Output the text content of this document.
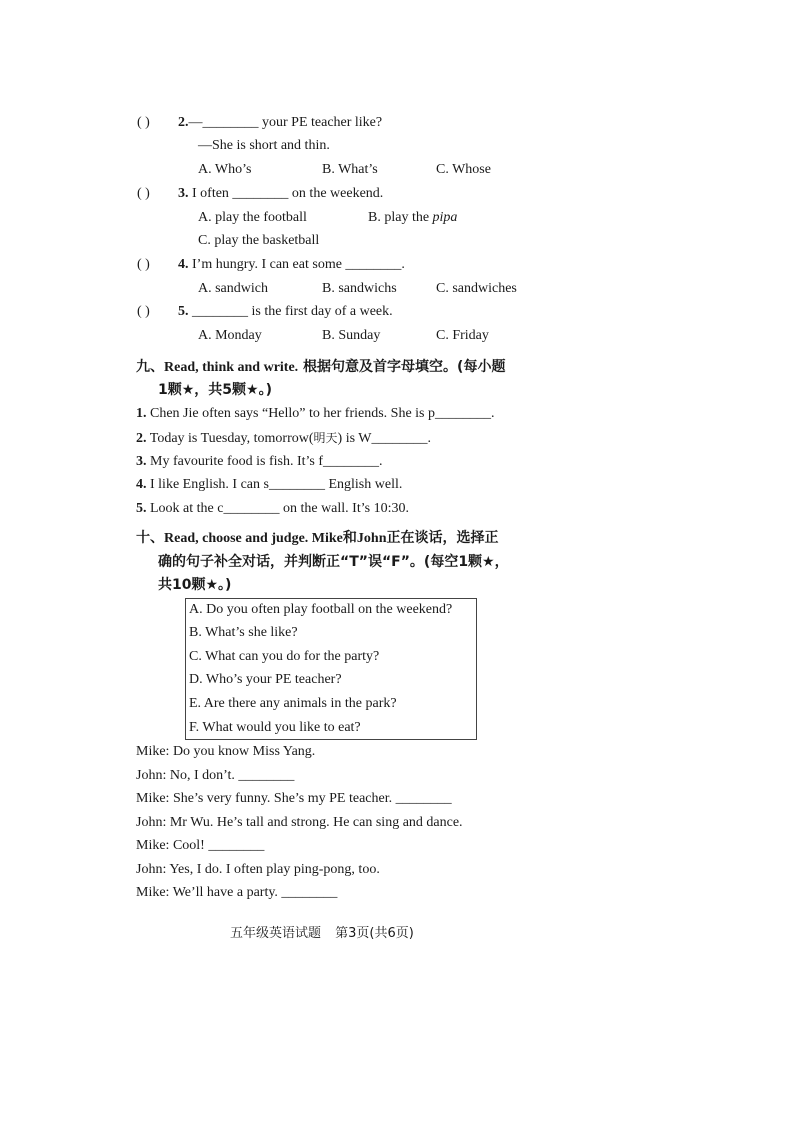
( ) 2.—________ your PE teacher like?
—She is short and thin.
A. Who’s	B. What’s	C. Whose
( ) 3. I often ________ on the weekend.
A. play the football	B. play the pipa
C. play the basketball
( ) 4. I’m hungry. I can eat some ________.
A. sandwich	B. sandwichs	C. sandwiches
( ) 5. ________ is the first day of a week.
A. Monday	B. Sunday	C. Friday
九、Read, think and write. 根据句意及首字母填空。(每小题
1颗★，共5颗★。)
1. Chen Jie often says “Hello” to her friends. She is p________.
2. Today is Tuesday, tomorrow(明天) is W________.
3. My favourite food is fish. It’s f________.
4. I like English. I can s________ English well.
5. Look at the c________ on the wall. It’s 10:30.
十、Read, choose and judge. Mike和John正在谈话，选择正
确的句子补全对话，并判断正“T”误“F”。(每空1颗★，
共10颗★。)
A. Do you often play football on the weekend?
B. What’s she like?
C. What can you do for the party?
D. Who’s your PE teacher?
E. Are there any animals in the park?
F. What would you like to eat?
Mike: Do you know Miss Yang.
John: No, I don’t. ________
Mike: She’s very funny. She’s my PE teacher. ________
John: Mr Wu. He’s tall and strong. He can sing and dance.
Mike: Cool! ________
John: Yes, I do. I often play ping-pong, too.
Mike: We’ll have a party. ________
五年级英语试题 第3页(共6页)
